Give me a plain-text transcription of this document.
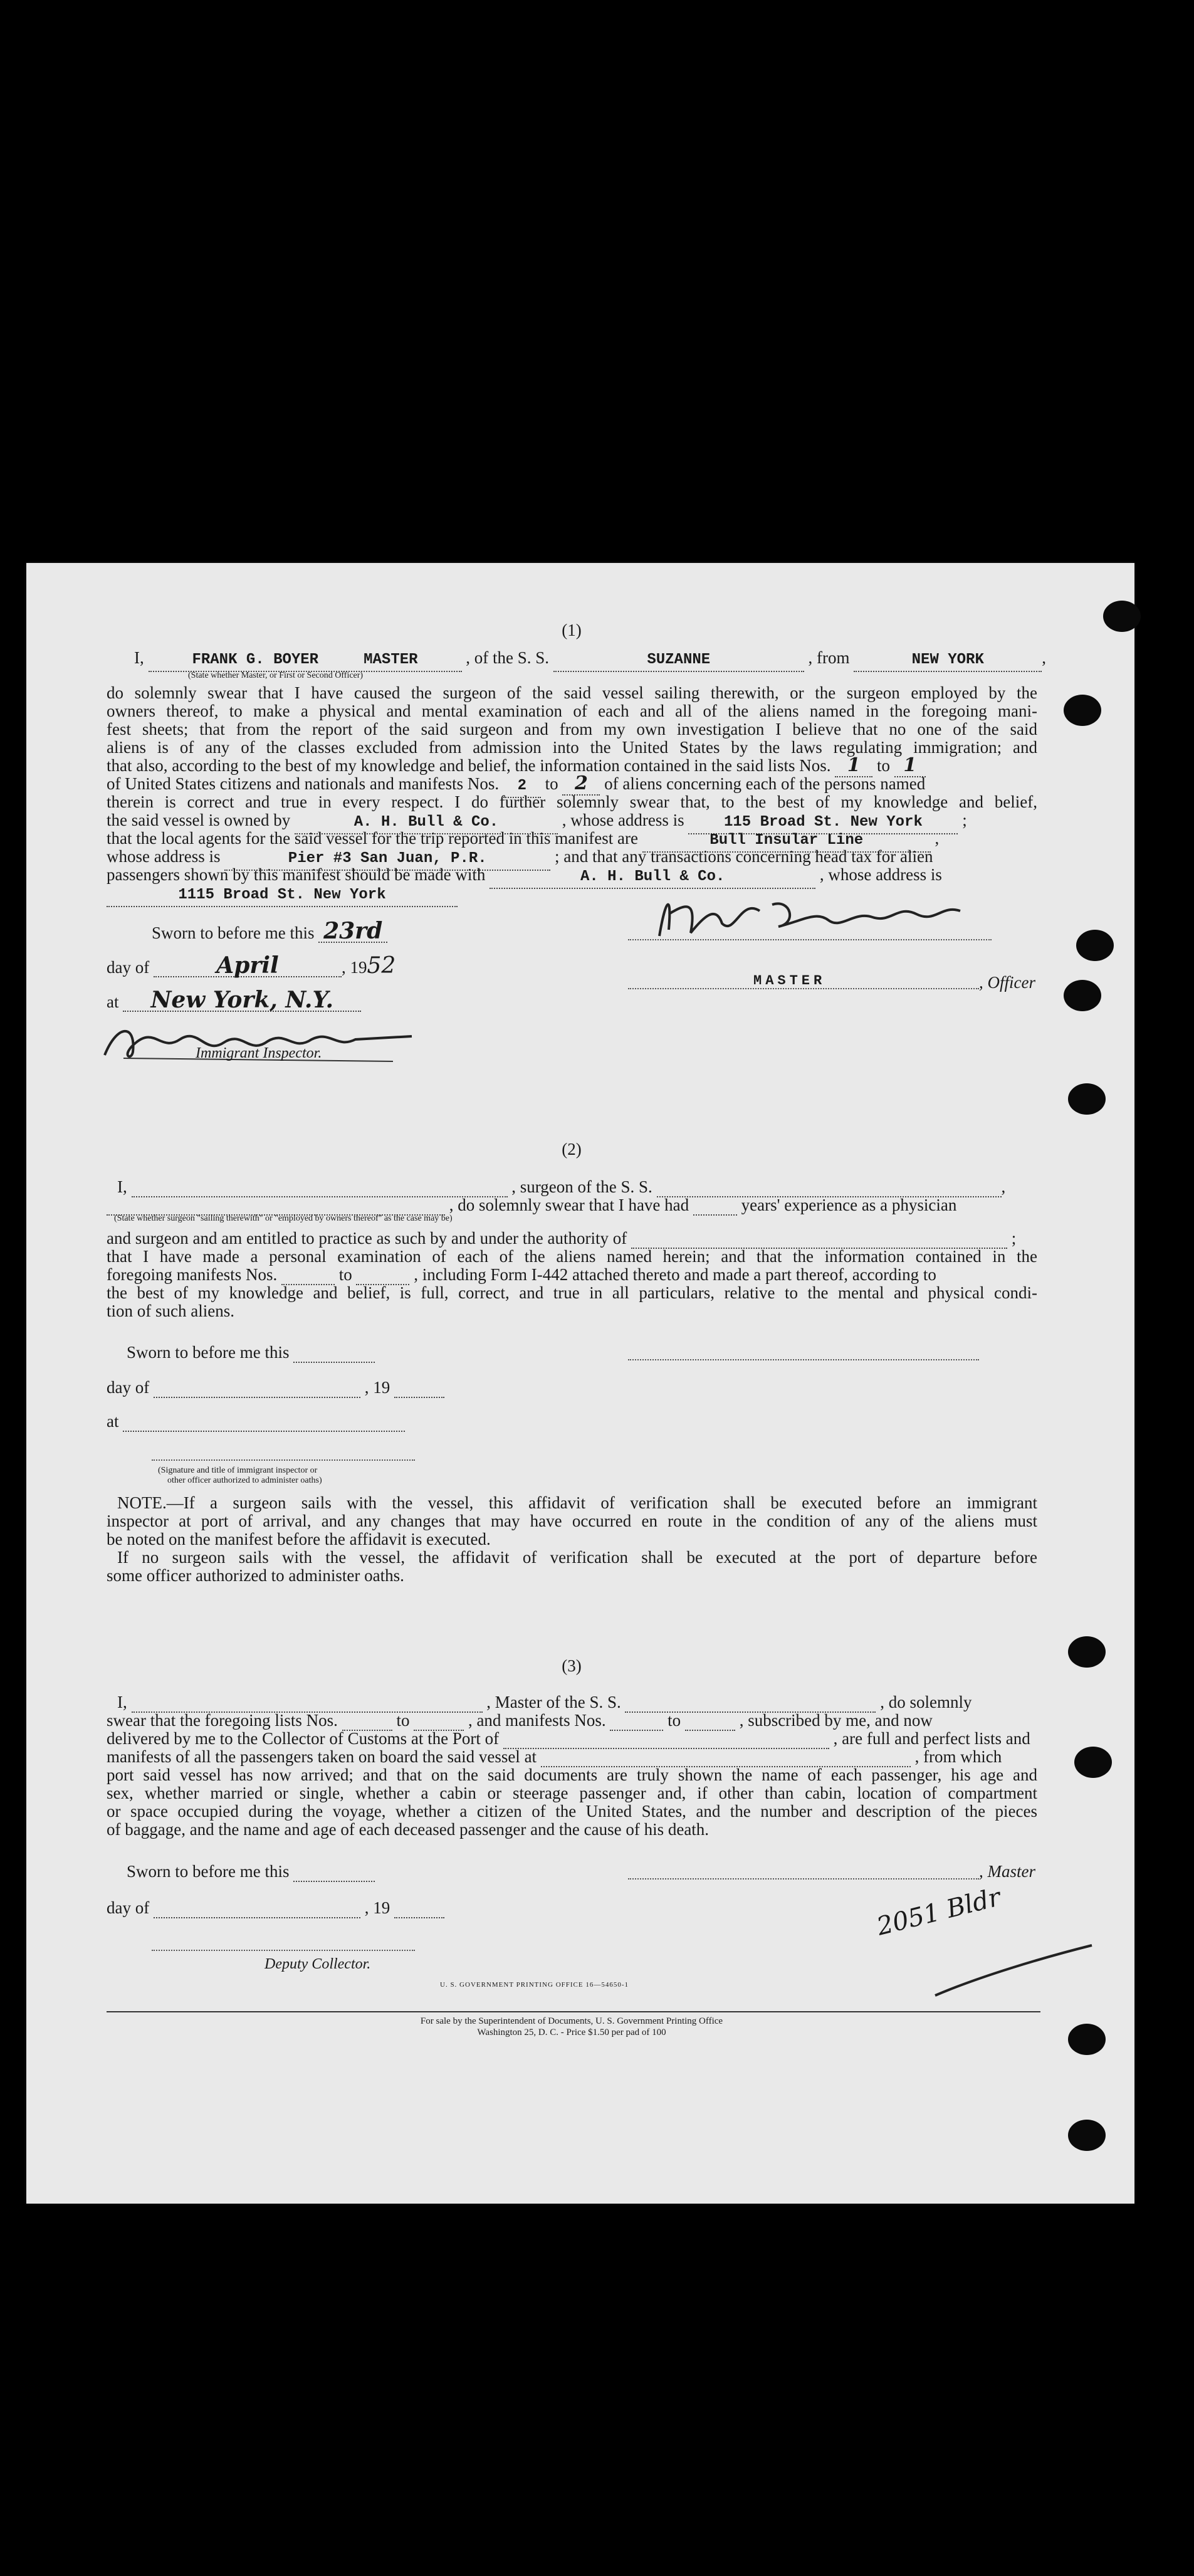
(1)
I,	FRANK G. BOYER	MASTER	, of the S. S.	SUZANNE	, from	NEW YORK	,
(State whether Master, or First or Second Officer)
do solemnly swear that I have caused the surgeon of the said vessel sailing therewith, or the surgeon employed by the
owners thereof, to make a physical and mental examination of each and all of the aliens named in the foregoing mani-
fest sheets; that from the report of the said surgeon and from my own investigation I believe that no one of the said
aliens is of any of the classes excluded from admission into the United States by the laws regulating immigration; and
that also, according to the best of my knowledge and belief, the information contained in the said lists Nos. 1 to 1
of United States citizens and nationals and manifests Nos. 2 to 2 of aliens concerning each of the persons named
therein is correct and true in every respect. I do further solemnly swear that, to the best of my knowledge and belief,
the said vessel is owned by	A. H. Bull & Co.	, whose address is	115 Broad St. New York ;
that the local agents for the said vessel for the trip reported in this manifest are	Bull Insular Line	,
whose address is	Pier #3 San Juan, P.R.	; and that any transactions concerning head tax for alien
passengers shown by this manifest should be made with	A. H. Bull & Co.	, whose address is
1115 Broad St. New York
Sworn to before me this 23rd
day of	April	, 1952
at New York, N.Y.
Immigrant Inspector.
MASTER	, Officer
(2)
I,	, surgeon of the S. S.	,
, do solemnly swear that I have had	years' experience as a physician
(State whether surgeon "sailing therewith" or "employed by owners thereof" as the case may be)
and surgeon and am entitled to practice as such by and under the authority of	;
that I have made a personal examination of each of the aliens named herein; and that the information contained in the
foregoing manifests Nos.	to	, including Form I-442 attached thereto and made a part thereof, according to
the best of my knowledge and belief, is full, correct, and true in all particulars, relative to the mental and physical condi-
tion of such aliens.
Sworn to before me this
day of	, 19
at
(Signature and title of immigrant inspector or
other officer authorized to administer oaths)
NOTE.—If a surgeon sails with the vessel, this affidavit of verification shall be executed before an immigrant
inspector at port of arrival, and any changes that may have occurred en route in the condition of any of the aliens must
be noted on the manifest before the affidavit is executed.
If no surgeon sails with the vessel, the affidavit of verification shall be executed at the port of departure before
some officer authorized to administer oaths.
(3)
I,	, Master of the S. S.	, do solemnly
swear that the foregoing lists Nos.	to	, and manifests Nos.	to	, subscribed by me, and now
delivered by me to the Collector of Customs at the Port of	, are full and perfect lists and
manifests of all the passengers taken on board the said vessel at	, from which
port said vessel has now arrived; and that on the said documents are truly shown the name of each passenger, his age and
sex, whether married or single, whether a cabin or steerage passenger and, if other than cabin, location of compartment
or space occupied during the voyage, whether a citizen of the United States, and the number and description of the pieces
of baggage, and the name and age of each deceased passenger and the cause of his death.
Sworn to before me this	, Master
day of	, 19
Deputy Collector.
2051 Bldr
U. S. GOVERNMENT PRINTING OFFICE 16—54650-1
For sale by the Superintendent of Documents, U. S. Government Printing Office
Washington 25, D. C. - Price $1.50 per pad of 100
